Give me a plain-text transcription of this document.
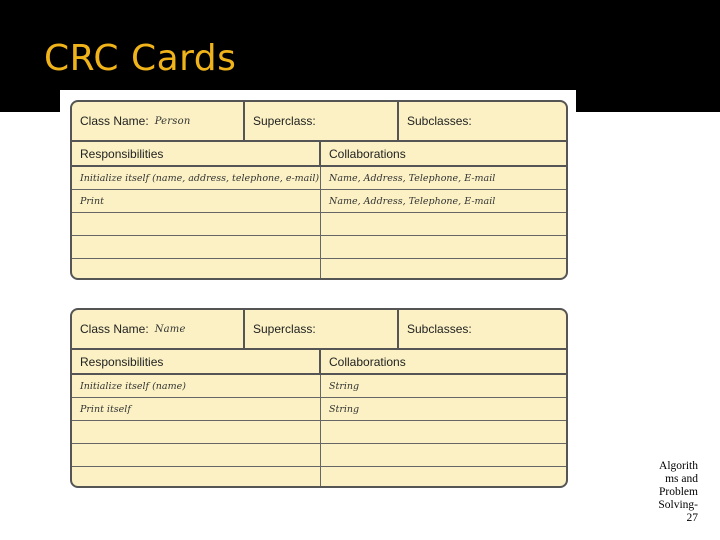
CRC Cards
Class Name: Person	Superclass:	Subclasses:
Responsibilities	Collaborations
Initialize itself (name, address, telephone, e-mail)	Name, Address, Telephone, E-mail
Print	Name, Address, Telephone, E-mail
Class Name: Name	Superclass:	Subclasses:
Responsibilities	Collaborations
Initialize itself (name)	String
Print itself	String
Algorith
ms and
Problem
Solving-
27
